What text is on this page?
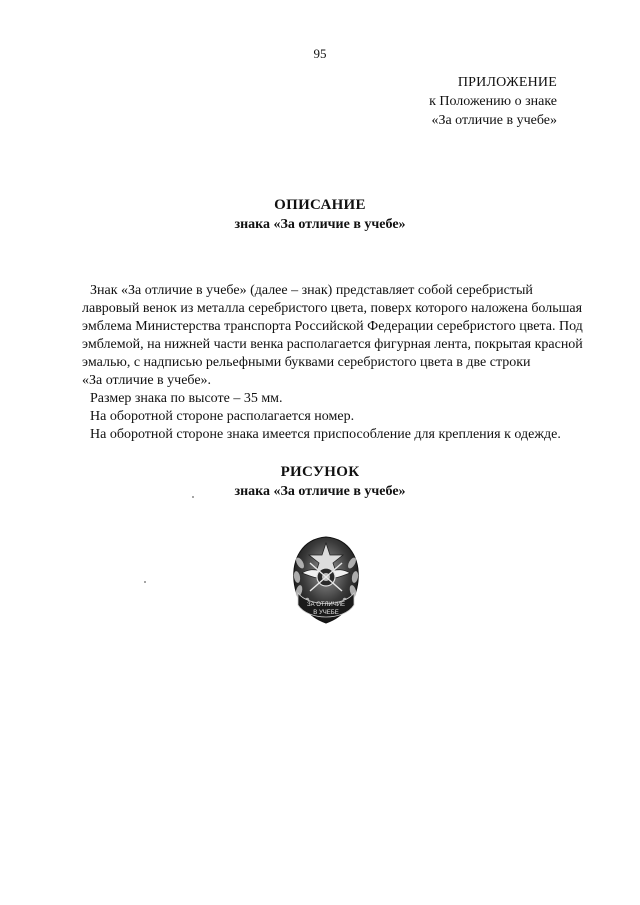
95
ПРИЛОЖЕНИЕ
к Положению о знаке
«За отличие в учебе»
ОПИСАНИЕ
знака «За отличие в учебе»
Знак «За отличие в учебе» (далее – знак) представляет собой серебристый
лавровый венок из металла серебристого цвета, поверх которого наложена большая
эмблема Министерства транспорта Российской Федерации серебристого цвета. Под
эмблемой, на нижней части венка располагается фигурная лента, покрытая красной
эмалью, с надписью рельефными буквами серебристого цвета в две строки
«За отличие в учебе».
Размер знака по высоте – 35 мм.
На оборотной стороне располагается номер.
На оборотной стороне знака имеется приспособление для крепления к одежде.
РИСУНОК
знака «За отличие в учебе»
ЗА ОТЛИЧИЕ
В УЧЕБЕ
